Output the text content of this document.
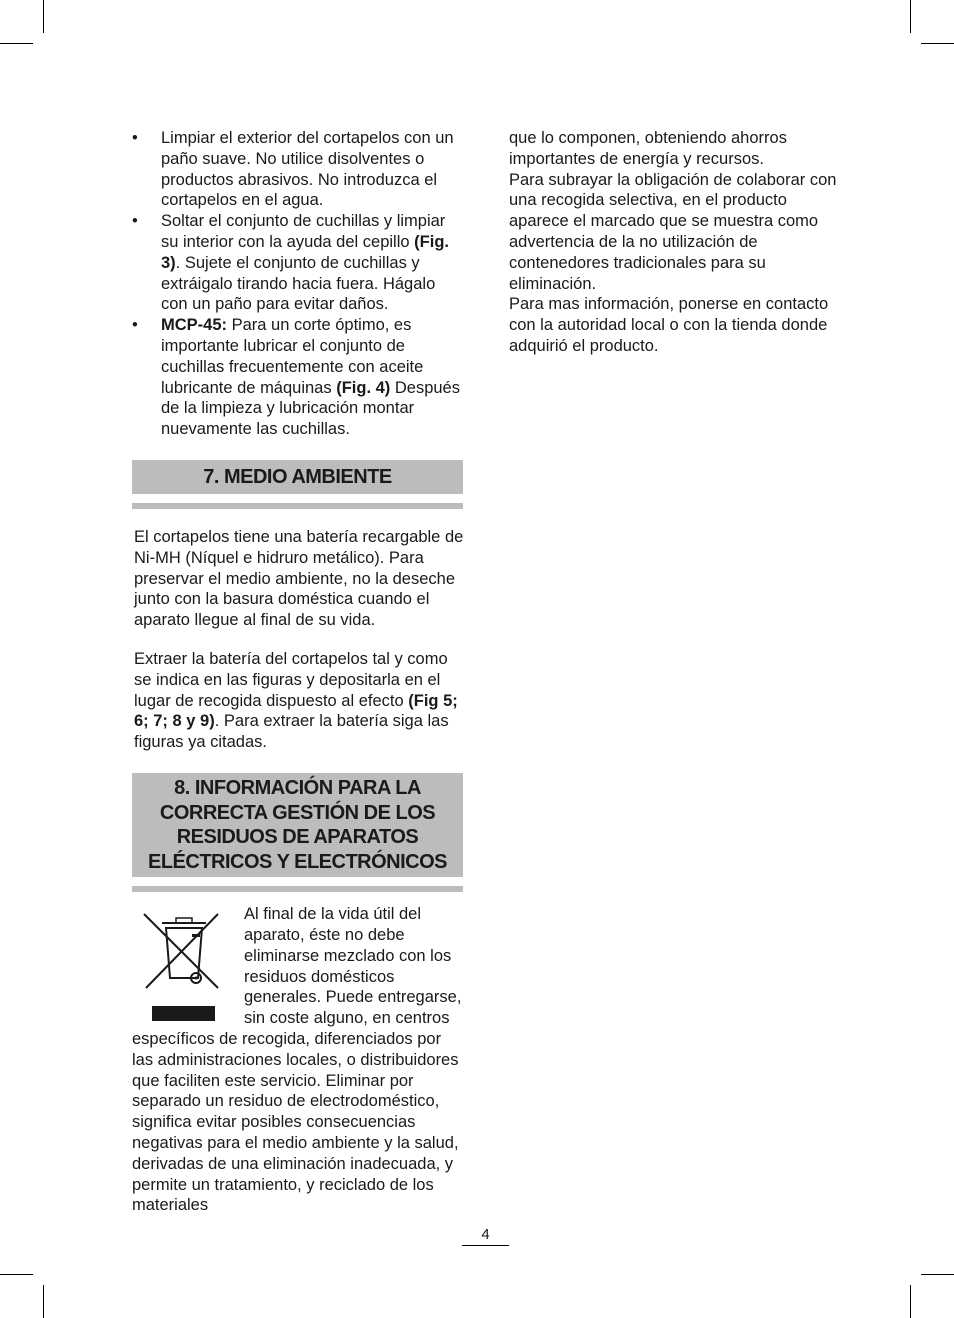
• Limpiar el exterior del cortapelos con un paño suave. No utilice disolventes o productos abrasivos. No introduzca el cortapelos en el agua.
• Soltar el conjunto de cuchillas y limpiar su interior con la ayuda del cepillo (Fig. 3). Sujete el conjunto de cuchillas y extráigalo tirando hacia fuera. Hágalo con un paño para evitar daños.
• MCP-45: Para un corte óptimo, es importante lubricar el conjunto de cuchillas frecuentemente con aceite lubricante de máquinas (Fig. 4) Después de la limpieza y lubricación montar nuevamente las cuchillas.
7. MEDIO AMBIENTE

El cortapelos tiene una batería recargable de Ni-MH (Níquel e hidruro metálico). Para preservar el medio ambiente, no la deseche junto con la basura doméstica cuando el aparato llegue al final de su vida.

Extraer la batería del cortapelos tal y como se indica en las figuras y depositarla en el lugar de recogida dispuesto al efecto (Fig 5; 6; 7; 8 y 9). Para extraer la batería siga las figuras ya citadas.

8. INFORMACIÓN PARA LA CORRECTA GESTIÓN DE LOS RESIDUOS DE APARATOS ELÉCTRICOS Y ELECTRÓNICOS

Al final de la vida útil del aparato, éste no debe eliminarse mezclado con los residuos domésticos generales. Puede entregarse, sin coste alguno, en centros específicos de recogida, diferenciados por las administraciones locales, o distribuidores que faciliten este servicio. Eliminar por separado un residuo de electrodoméstico, significa evitar posibles consecuencias negativas para el medio ambiente y la salud, derivadas de una eliminación inadecuada, y permite un tratamiento, y reciclado de los materiales

que lo componen, obteniendo ahorros importantes de energía y recursos.

Para subrayar la obligación de colaborar con una recogida selectiva, en el producto aparece el marcado que se muestra como advertencia de la no utilización de contenedores tradicionales para su eliminación.

Para mas información, ponerse en contacto con la autoridad local o con la tienda donde adquirió el producto.

4
